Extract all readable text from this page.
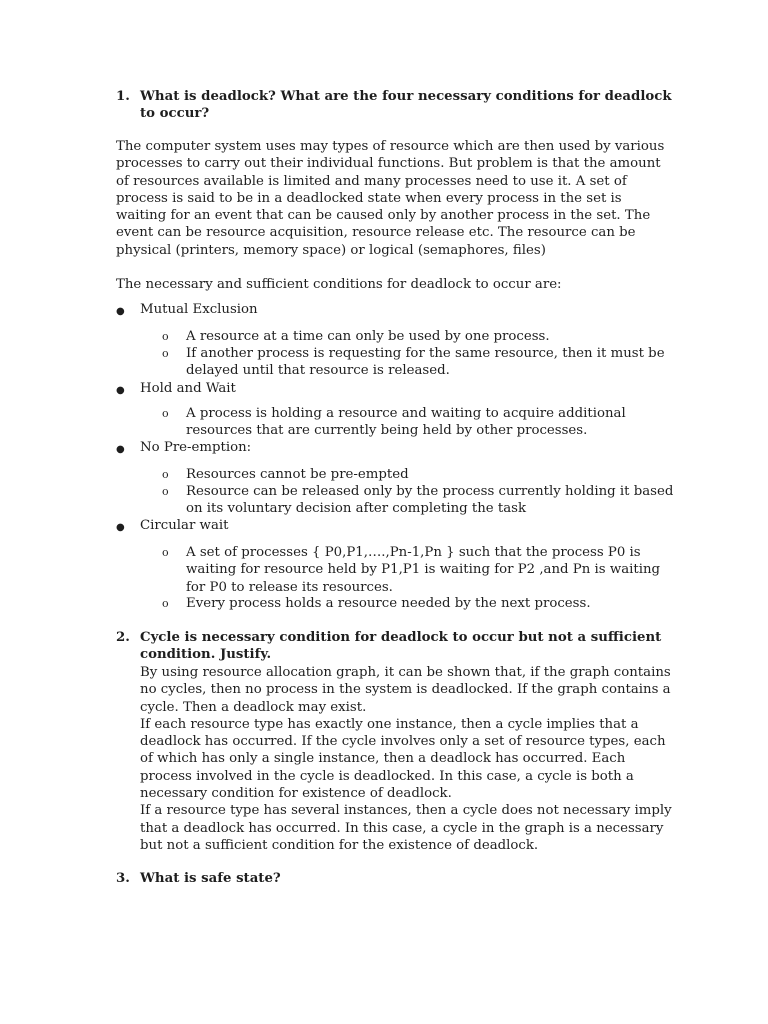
1. What is deadlock? What are the four necessary conditions for deadlock to occur?

The computer system uses may types of resource which are then used by various processes to carry out their individual functions. But problem is that the amount of resources available is limited and many processes need to use it. A set of process is said to be in a deadlocked state when every process in the set is waiting for an event that can be caused only by another process in the set. The event can be resource acquisition, resource release etc. The resource can be physical (printers, memory space) or logical (semaphores, files)

The necessary and sufficient conditions for deadlock to occur are:

● Mutual Exclusion
o A resource at a time can only be used by one process.

o If another process is requesting for the same resource, then it must be delayed until that resource is released.

● Hold and Wait
o A process is holding a resource and waiting to acquire additional resources that are currently being held by other processes.

● No Pre-emption:
o Resources cannot be pre-empted

o Resource can be released only by the process currently holding it based on its voluntary decision after completing the task

● Circular wait
o A set of processes { P0,P1,….,Pn-1,Pn } such that the process P0 is waiting for resource held by P1,P1 is waiting for P2 ,and Pn is waiting for P0 to release its resources.

o Every process holds a resource needed by the next process.

2. Cycle is necessary condition for deadlock to occur but not a sufficient condition. Justify.

By using resource allocation graph, it can be shown that, if the graph contains no cycles, then no process in the system is deadlocked. If the graph contains a cycle. Then a deadlock may exist.

If each resource type has exactly one instance, then a cycle implies that a deadlock has occurred. If the cycle involves only a set of resource types, each of which has only a single instance, then a deadlock has occurred. Each process involved in the cycle is deadlocked. In this case, a cycle is both a necessary condition for existence of deadlock.

If a resource type has several instances, then a cycle does not necessary imply that a deadlock has occurred. In this case, a cycle in the graph is a necessary but not a sufficient condition for the existence of deadlock.

3. What is safe state?
